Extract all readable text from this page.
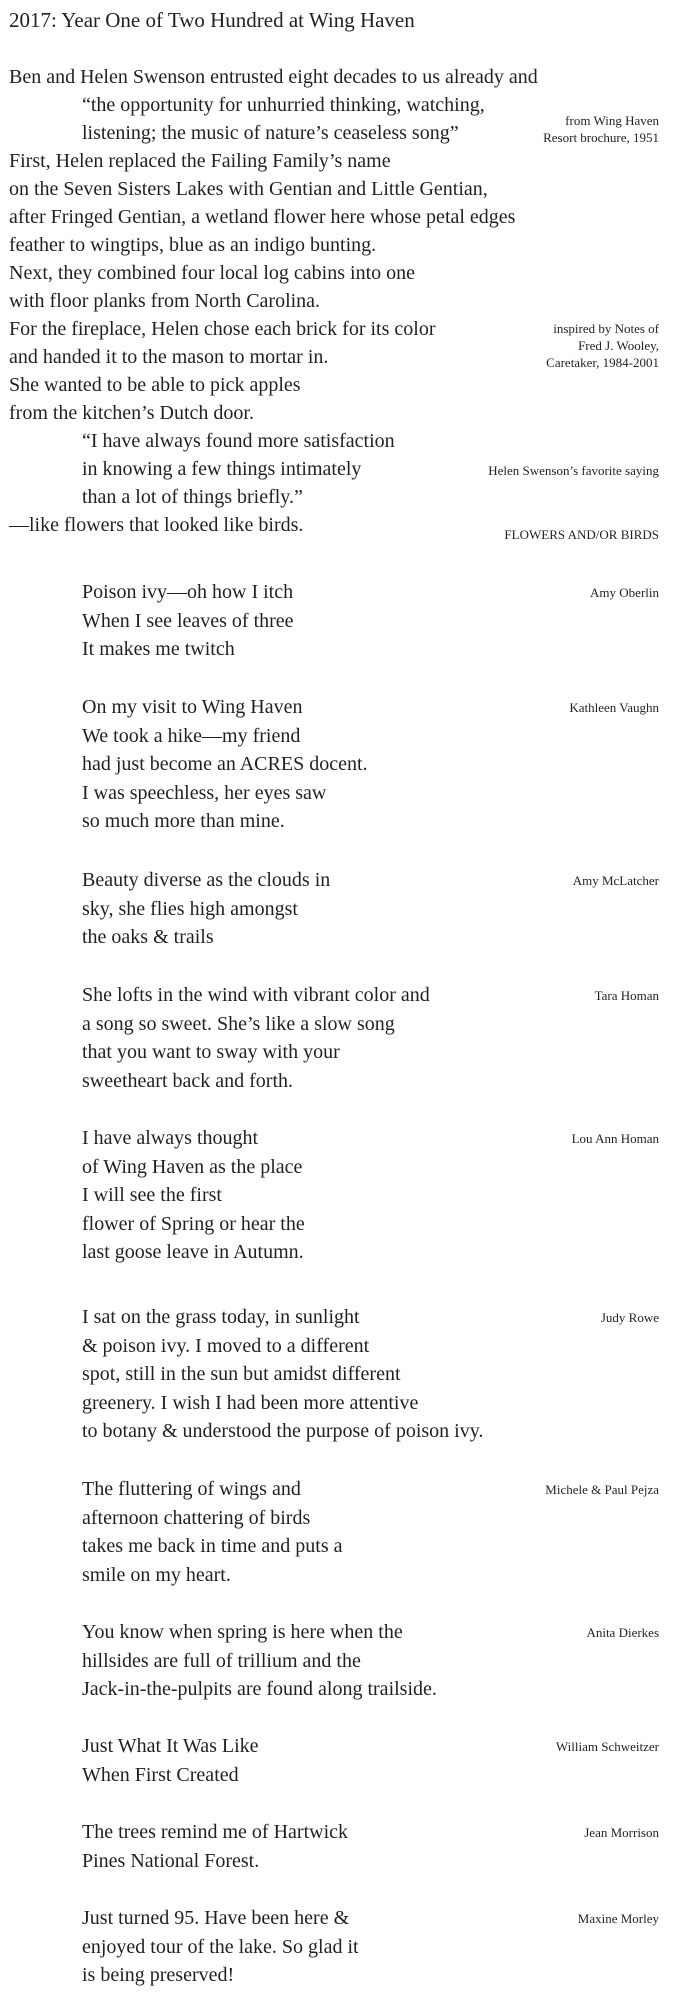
2017: Year One of Two Hundred at Wing Haven
Ben and Helen Swenson entrusted eight decades to us already and
“the opportunity for unhurried thinking, watching,
listening; the music of nature’s ceaseless song”
First, Helen replaced the Failing Family’s name
on the Seven Sisters Lakes with Gentian and Little Gentian,
after Fringed Gentian, a wetland flower here whose petal edges
feather to wingtips, blue as an indigo bunting.
Next, they combined four local log cabins into one
with floor planks from North Carolina.
For the fireplace, Helen chose each brick for its color
and handed it to the mason to mortar in.
She wanted to be able to pick apples
from the kitchen’s Dutch door.
“I have always found more satisfaction
in knowing a few things intimately
than a lot of things briefly.”
—like flowers that looked like birds.
from Wing Haven
Resort brochure, 1951
inspired by Notes of
Fred J. Wooley,
Caretaker, 1984-2001
Helen Swenson’s favorite saying
FLOWERS AND/OR BIRDS
Amy Oberlin
Poison ivy—oh how I itch
When I see leaves of three
It makes me twitch
Kathleen Vaughn
On my visit to Wing Haven
We took a hike—my friend
had just become an ACRES docent.
I was speechless, her eyes saw
so much more than mine.
Amy McLatcher
Beauty diverse as the clouds in
sky, she flies high amongst
the oaks & trails
Tara Homan
She lofts in the wind with vibrant color and
a song so sweet. She’s like a slow song
that you want to sway with your
sweetheart back and forth.
Lou Ann Homan
I have always thought
of Wing Haven as the place
I will see the first
flower of Spring or hear the
last goose leave in Autumn.
Judy Rowe
I sat on the grass today, in sunlight
& poison ivy. I moved to a different
spot, still in the sun but amidst different
greenery. I wish I had been more attentive
to botany & understood the purpose of poison ivy.
Michele & Paul Pejza
The fluttering of wings and
afternoon chattering of birds
takes me back in time and puts a
smile on my heart.
Anita Dierkes
You know when spring is here when the
hillsides are full of trillium and the
Jack-in-the-pulpits are found along trailside.
William Schweitzer
Just What It Was Like
When First Created
Jean Morrison
The trees remind me of Hartwick
Pines National Forest.
Maxine Morley
Just turned 95. Have been here &
enjoyed tour of the lake. So glad it
is being preserved!
